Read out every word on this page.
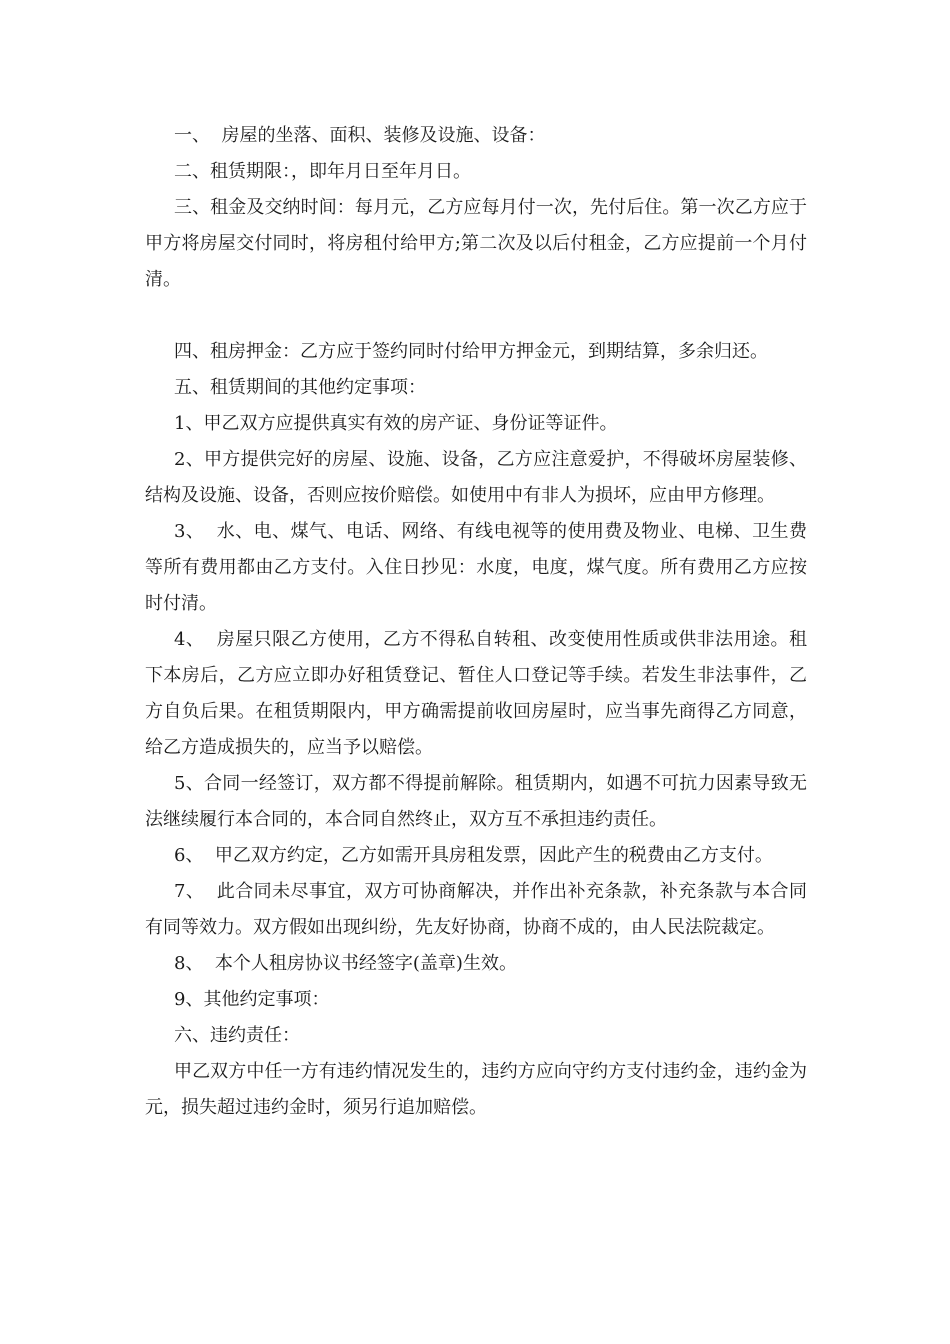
一、  房屋的坐落、面积、装修及设施、设备：

二、租赁期限：，即年月日至年月日。

三、租金及交纳时间：每月元，乙方应每月付一次，先付后住。第一次乙方应于甲方将房屋交付同时，将房租付给甲方;第二次及以后付租金，乙方应提前一个月付清。

四、租房押金：乙方应于签约同时付给甲方押金元，到期结算，多余归还。

五、租赁期间的其他约定事项：

1、甲乙双方应提供真实有效的房产证、身份证等证件。

2、甲方提供完好的房屋、设施、设备，乙方应注意爱护，不得破坏房屋装修、结构及设施、设备，否则应按价赔偿。如使用中有非人为损坏，应由甲方修理。

3、  水、电、煤气、电话、网络、有线电视等的使用费及物业、电梯、卫生费等所有费用都由乙方支付。入住日抄见：水度，电度，煤气度。所有费用乙方应按时付清。

4、  房屋只限乙方使用，乙方不得私自转租、改变使用性质或供非法用途。租下本房后，乙方应立即办好租赁登记、暂住人口登记等手续。若发生非法事件，乙方自负后果。在租赁期限内，甲方确需提前收回房屋时，应当事先商得乙方同意，给乙方造成损失的，应当予以赔偿。

5、合同一经签订，双方都不得提前解除。租赁期内，如遇不可抗力因素导致无法继续履行本合同的，本合同自然终止，双方互不承担违约责任。

6、  甲乙双方约定，乙方如需开具房租发票，因此产生的税费由乙方支付。

7、  此合同未尽事宜，双方可协商解决，并作出补充条款，补充条款与本合同有同等效力。双方假如出现纠纷，先友好协商，协商不成的，由人民法院裁定。

8、  本个人租房协议书经签字(盖章)生效。

9、其他约定事项：

六、违约责任：

甲乙双方中任一方有违约情况发生的，违约方应向守约方支付违约金，违约金为元，损失超过违约金时，须另行追加赔偿。
